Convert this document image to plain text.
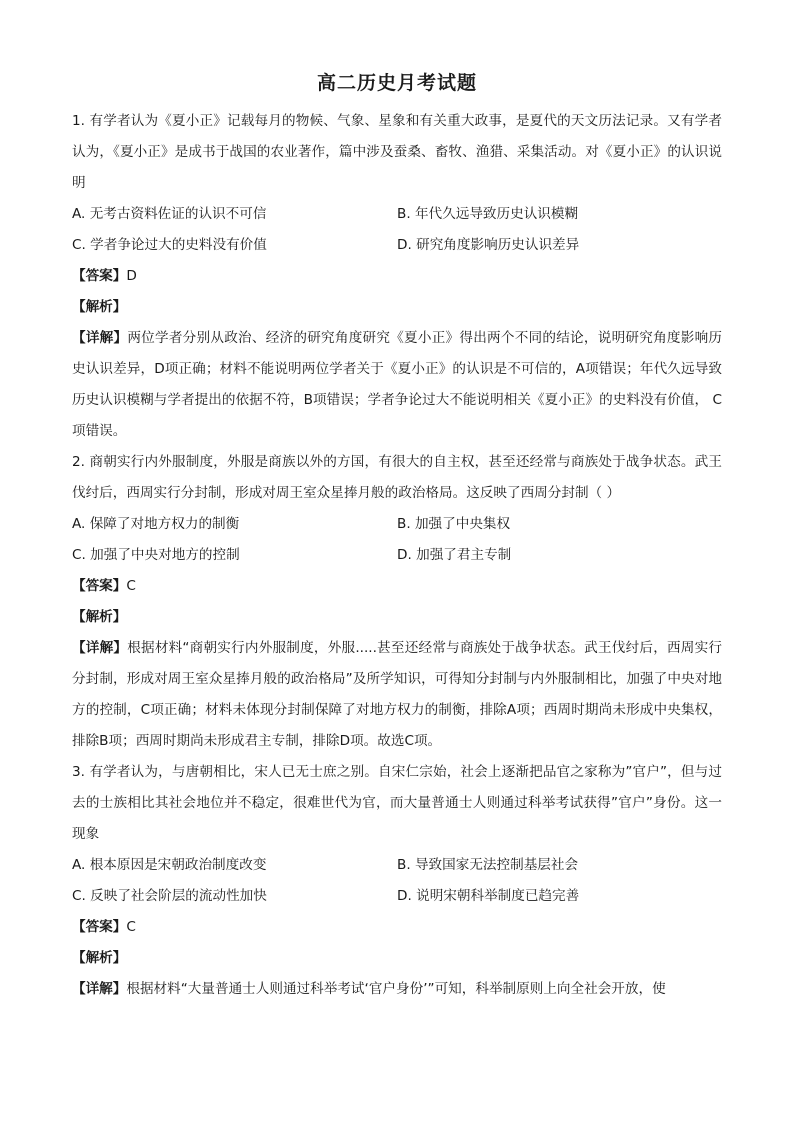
高二历史月考试题

1. 有学者认为《夏小正》记载每月的物候、气象、星象和有关重大政事，是夏代的天文历法记录。又有学者认为，《夏小正》是成书于战国的农业著作，篇中涉及蚕桑、畜牧、渔猎、采集活动。对《夏小正》的认识说明

A. 无考古资料佐证的认识不可信	B. 年代久远导致历史认识模糊
C. 学者争论过大的史料没有价值	D. 研究角度影响历史认识差异

【答案】D

【解析】

【详解】两位学者分别从政治、经济的研究角度研究《夏小正》得出两个不同的结论，说明研究角度影响历史认识差异，D项正确；材料不能说明两位学者关于《夏小正》的认识是不可信的，A项错误；年代久远导致历史认识模糊与学者提出的依据不符，B项错误；学者争论过大不能说明相关《夏小正》的史料没有价值， C项错误。

2. 商朝实行内外服制度，外服是商族以外的方国，有很大的自主权，甚至还经常与商族处于战争状态。武王伐纣后，西周实行分封制，形成对周王室众星捧月般的政治格局。这反映了西周分封制（ ）

A. 保障了对地方权力的制衡	B. 加强了中央集权
C. 加强了中央对地方的控制	D. 加强了君主专制

【答案】C

【解析】

【详解】根据材料“商朝实行内外服制度，外服.....甚至还经常与商族处于战争状态。武王伐纣后，西周实行分封制，形成对周王室众星捧月般的政治格局”及所学知识，可得知分封制与内外服制相比，加强了中央对地方的控制，C项正确；材料未体现分封制保障了对地方权力的制衡，排除A项；西周时期尚未形成中央集权，排除B项；西周时期尚未形成君主专制，排除D项。故选C项。

3. 有学者认为，与唐朝相比，宋人已无士庶之别。自宋仁宗始，社会上逐渐把品官之家称为”官户”，但与过去的士族相比其社会地位并不稳定，很难世代为官，而大量普通士人则通过科举考试获得”官户”身份。这一现象

A. 根本原因是宋朝政治制度改变	B. 导致国家无法控制基层社会
C. 反映了社会阶层的流动性加快	D. 说明宋朝科举制度已趋完善

【答案】C

【解析】

【详解】根据材料“大量普通士人则通过科举考试‘官户身份’”可知，科举制原则上向全社会开放，使
